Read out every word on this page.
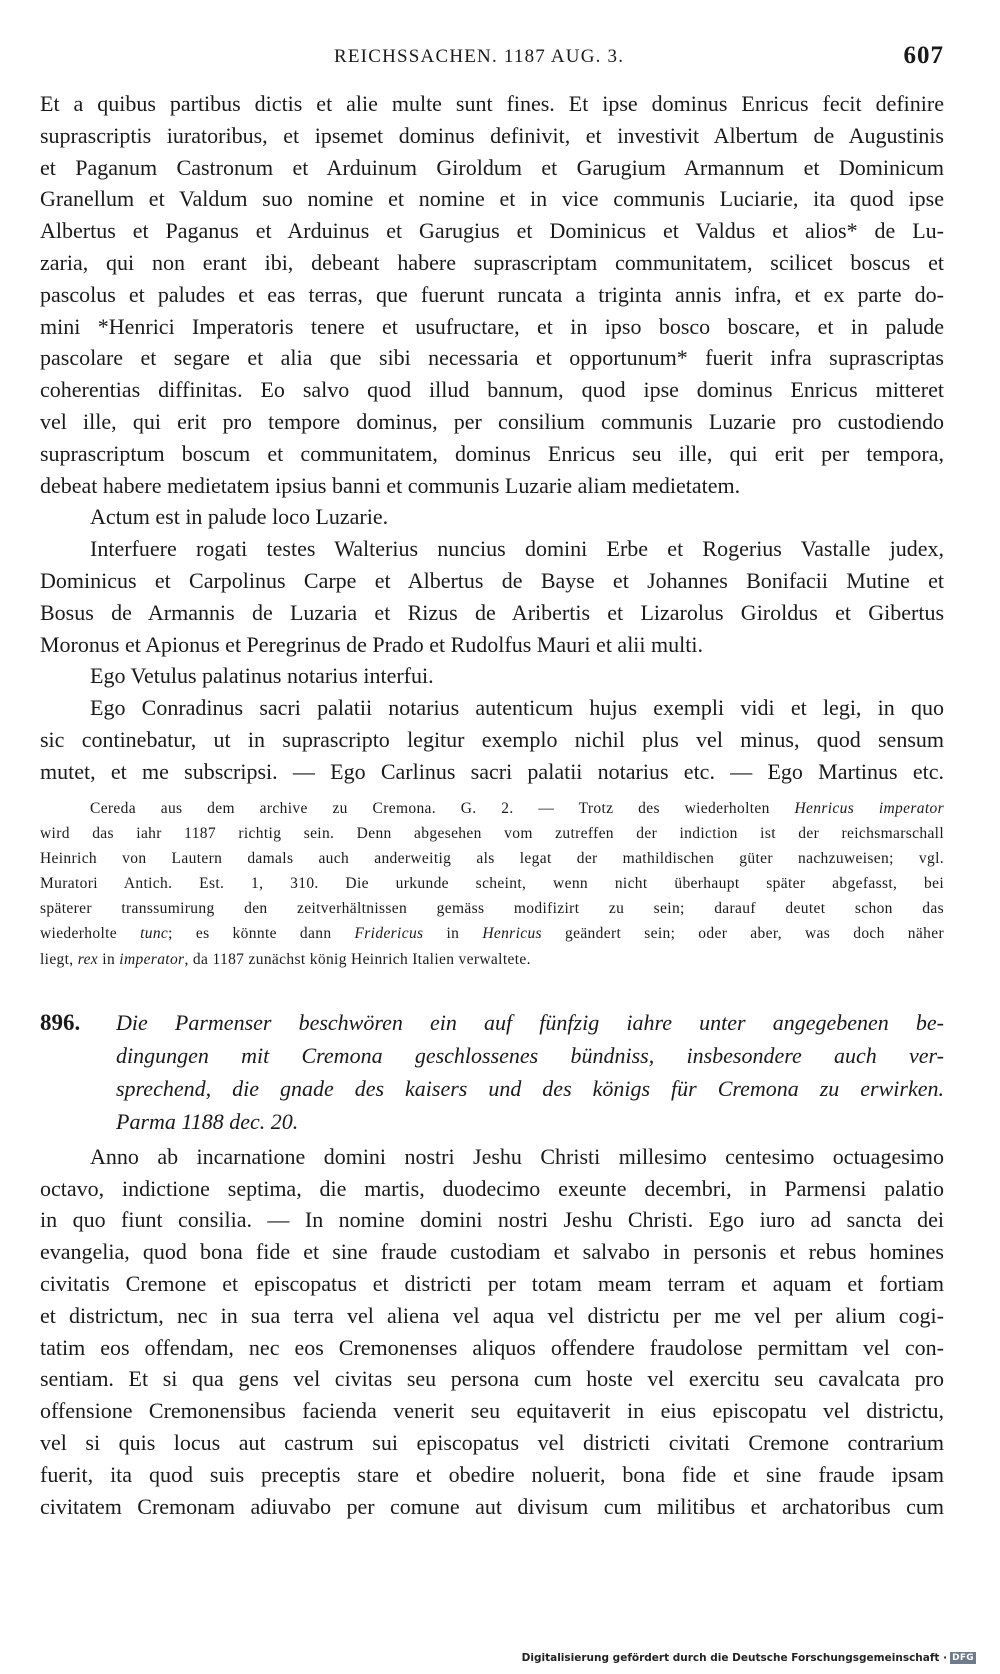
REICHSSACHEN. 1187 AUG. 3.	607
Et a quibus partibus dictis et alie multe sunt fines. Et ipse dominus Enricus fecit definire
suprascriptis iuratoribus, et ipsemet dominus definivit, et investivit Albertum de Augustinis
et Paganum Castronum et Arduinum Giroldum et Garugium Armannum et Dominicum
Granellum et Valdum suo nomine et nomine et in vice communis Luciarie, ita quod ipse
Albertus et Paganus et Arduinus et Garugius et Dominicus et Valdus et alios* de Lu-
zaria, qui non erant ibi, debeant habere suprascriptam communitatem, scilicet boscus et
pascolus et paludes et eas terras, que fuerunt runcata a triginta annis infra, et ex parte do-
mini *Henrici Imperatoris tenere et usufructare, et in ipso bosco boscare, et in palude
pascolare et segare et alia que sibi necessaria et opportunum* fuerit infra suprascriptas
coherentias diffinitas. Eo salvo quod illud bannum, quod ipse dominus Enricus mitteret
vel ille, qui erit pro tempore dominus, per consilium communis Luzarie pro custodiendo
suprascriptum boscum et communitatem, dominus Enricus seu ille, qui erit per tempora,
debeat habere medietatem ipsius banni et communis Luzarie aliam medietatem.
Actum est in palude loco Luzarie.
Interfuere rogati testes Walterius nuncius domini Erbe et Rogerius Vastalle judex,
Dominicus et Carpolinus Carpe et Albertus de Bayse et Johannes Bonifacii Mutine et
Bosus de Armannis de Luzaria et Rizus de Aribertis et Lizarolus Giroldus et Gibertus
Moronus et Apionus et Peregrinus de Prado et Rudolfus Mauri et alii multi.
Ego Vetulus palatinus notarius interfui.
Ego Conradinus sacri palatii notarius autenticum hujus exempli vidi et legi, in quo
sic continebatur, ut in suprascripto legitur exemplo nichil plus vel minus, quod sensum
mutet, et me subscripsi. — Ego Carlinus sacri palatii notarius etc. — Ego Martinus etc.
Cereda aus dem archive zu Cremona. G. 2. — Trotz des wiederholten Henricus imperator
wird das iahr 1187 richtig sein. Denn abgesehen vom zutreffen der indiction ist der reichsmarschall
Heinrich von Lautern damals auch anderweitig als legat der mathildischen güter nachzuweisen; vgl.
Muratori Antich. Est. 1, 310. Die urkunde scheint, wenn nicht überhaupt später abgefasst, bei
späterer transsumirung den zeitverhältnissen gemäss modifizirt zu sein; darauf deutet schon das
wiederholte tunc; es könnte dann Fridericus in Henricus geändert sein; oder aber, was doch näher
liegt, rex in imperator, da 1187 zunächst könig Heinrich Italien verwaltete.
896. Die Parmenser beschwören ein auf fünfzig iahre unter angegebenen be-
dingungen mit Cremona geschlossenes bündniss, insbesondere auch ver-
sprechend, die gnade des kaisers und des königs für Cremona zu erwirken.
Parma 1188 dec. 20.
Anno ab incarnatione domini nostri Jeshu Christi millesimo centesimo octuagesimo
octavo, indictione septima, die martis, duodecimo exeunte decembri, in Parmensi palatio
in quo fiunt consilia. — In nomine domini nostri Jeshu Christi. Ego iuro ad sancta dei
evangelia, quod bona fide et sine fraude custodiam et salvabo in personis et rebus homines
civitatis Cremone et episcopatus et districti per totam meam terram et aquam et fortiam
et districtum, nec in sua terra vel aliena vel aqua vel districtu per me vel per alium cogi-
tatim eos offendam, nec eos Cremonenses aliquos offendere fraudolose permittam vel con-
sentiam. Et si qua gens vel civitas seu persona cum hoste vel exercitu seu cavalcata pro
offensione Cremonensibus facienda venerit seu equitaverit in eius episcopatu vel districtu,
vel si quis locus aut castrum sui episcopatus vel districti civitati Cremone contrarium
fuerit, ita quod suis preceptis stare et obedire noluerit, bona fide et sine fraude ipsam
civitatem Cremonam adiuvabo per comune aut divisum cum militibus et archatoribus cum
Digitalisierung gefördert durch die Deutsche Forschungsgemeinschaft · DFG
